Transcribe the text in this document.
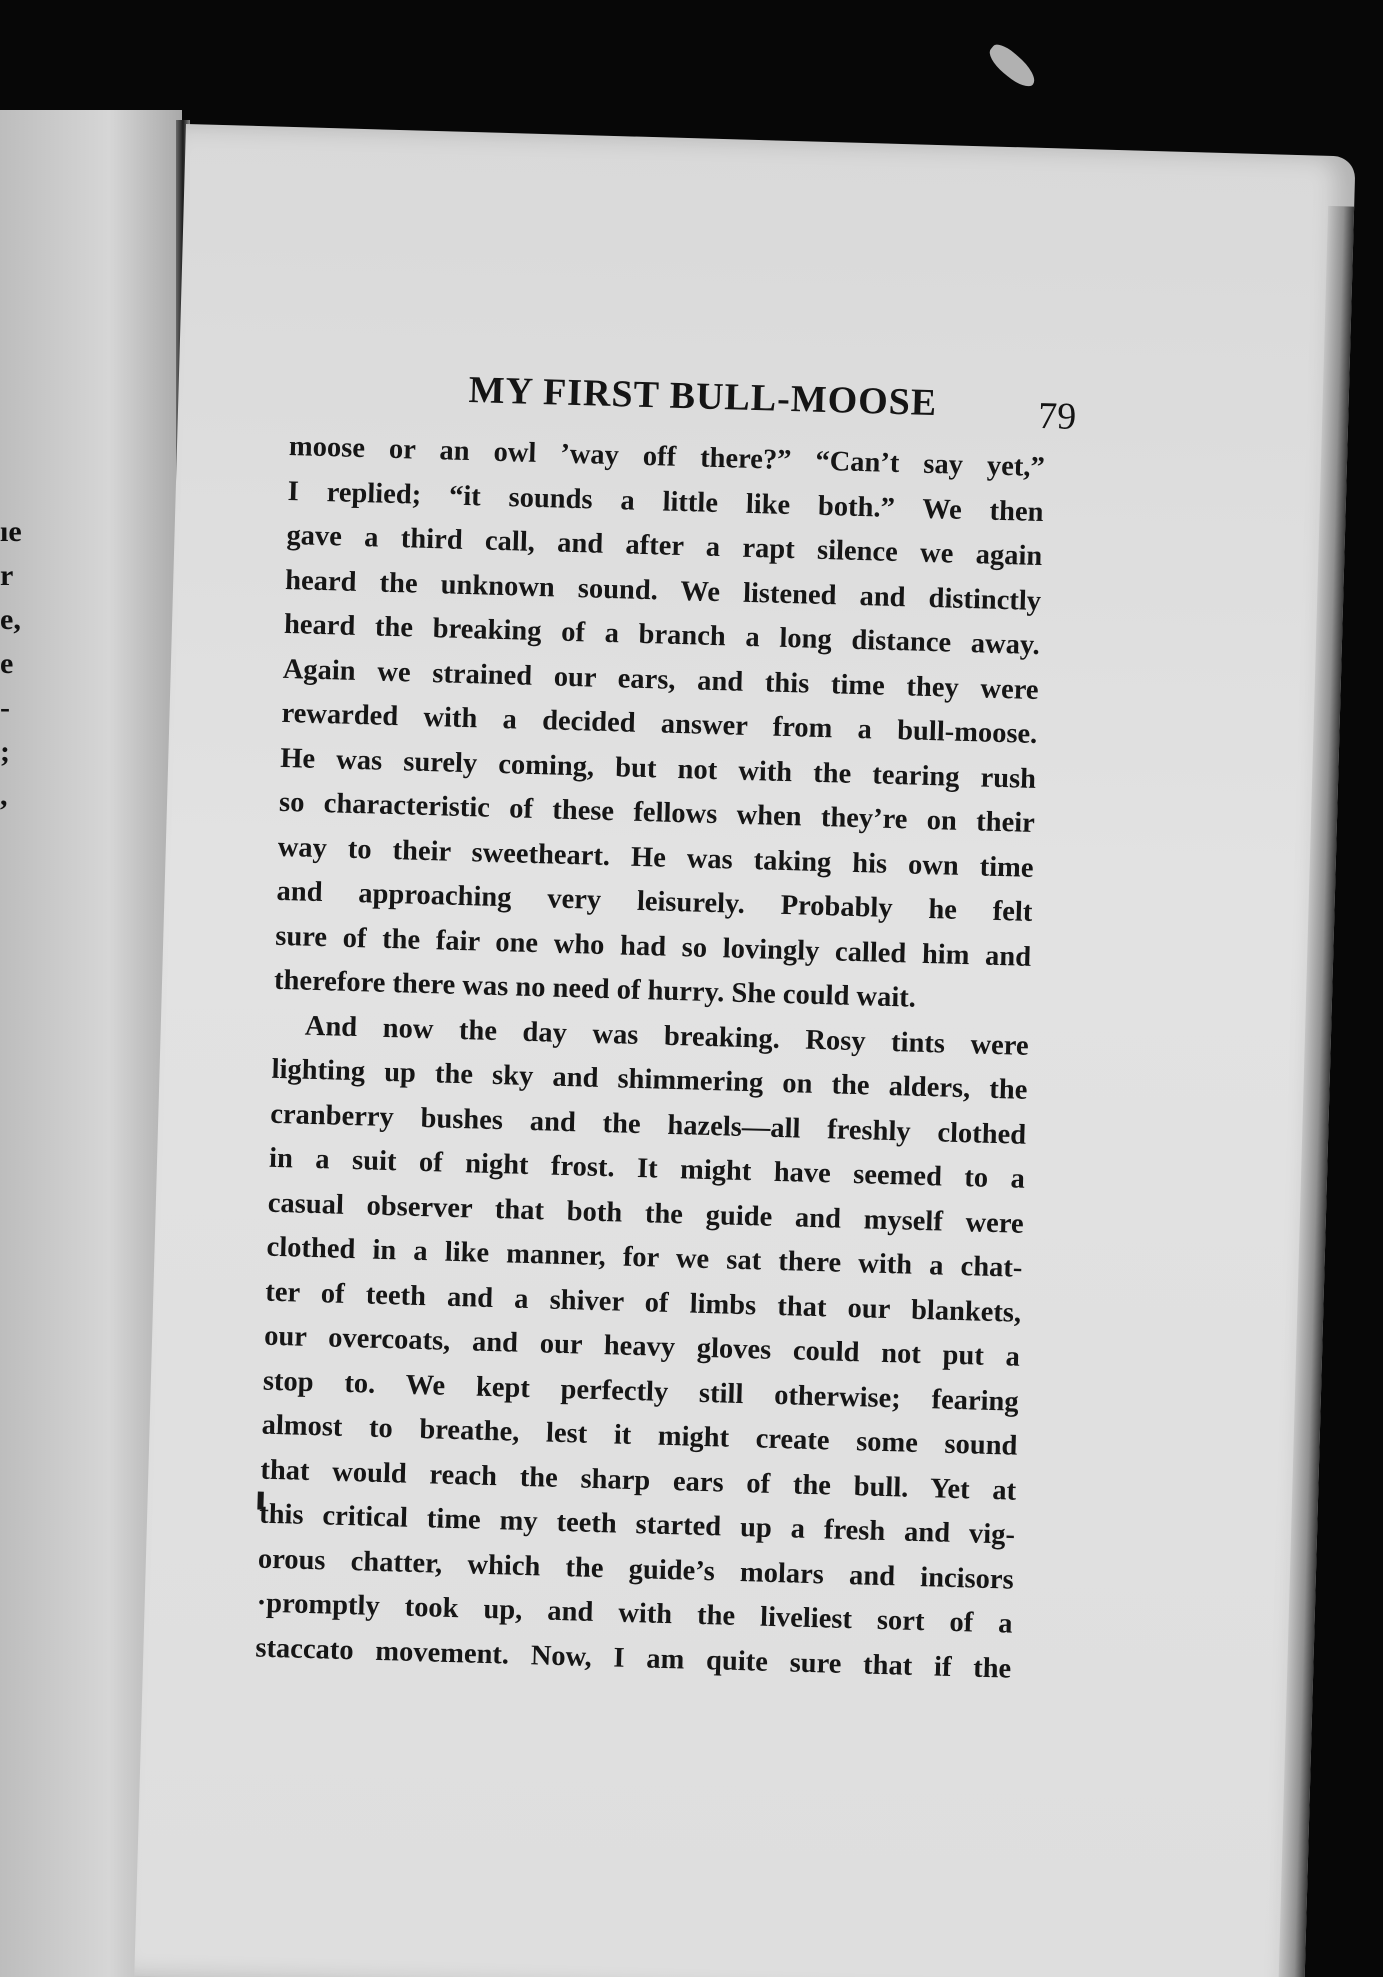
ıe
r
e,
e
-
;
,
MY FIRST BULL-MOOSE	79
moose or an owl ’way off there?” “Can’t say yet,”
I replied; “it sounds a little like both.” We then
gave a third call, and after a rapt silence we again
heard the unknown sound. We listened and distinctly
heard the breaking of a branch a long distance away.
Again we strained our ears, and this time they were
rewarded with a decided answer from a bull-moose.
He was surely coming, but not with the tearing rush
so characteristic of these fellows when they’re on their
way to their sweetheart. He was taking his own time
and approaching very leisurely. Probably he felt
sure of the fair one who had so lovingly called him and
therefore there was no need of hurry. She could wait.
And now the day was breaking. Rosy tints were
lighting up the sky and shimmering on the alders, the
cranberry bushes and the hazels—all freshly clothed
in a suit of night frost. It might have seemed to a
casual observer that both the guide and myself were
clothed in a like manner, for we sat there with a chat-
ter of teeth and a shiver of limbs that our blankets,
our overcoats, and our heavy gloves could not put a
stop to. We kept perfectly still otherwise; fearing
almost to breathe, lest it might create some sound
that would reach the sharp ears of the bull. Yet at
this critical time my teeth started up a fresh and vig-
orous chatter, which the guide’s molars and incisors
·promptly took up, and with the liveliest sort of a
staccato movement. Now, I am quite sure that if the
